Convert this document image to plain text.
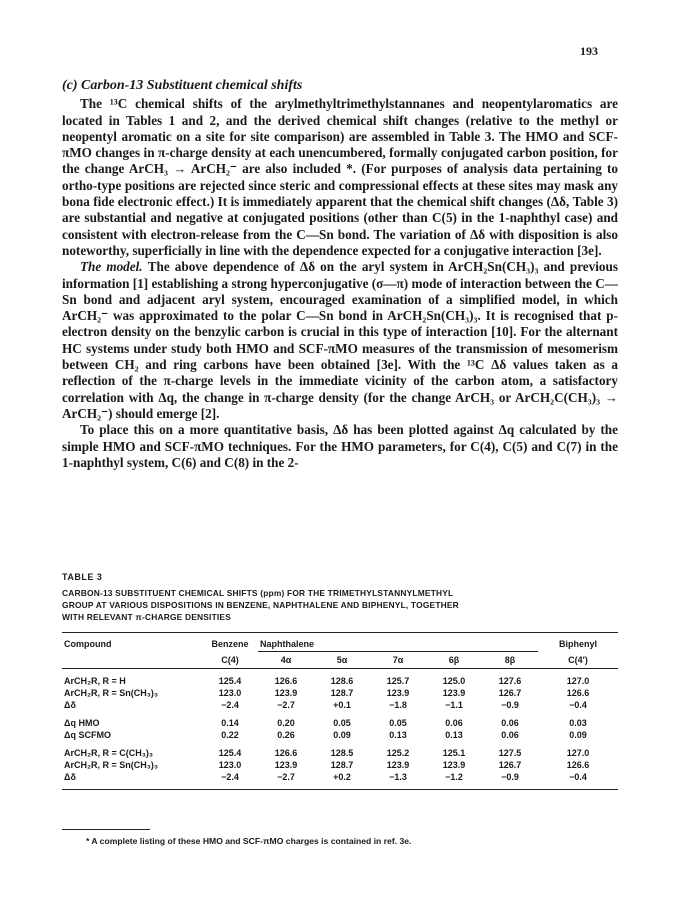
193
(c) Carbon-13 Substituent chemical shifts

The ¹³C chemical shifts of the arylmethyltrimethylstannanes and neopentylaromatics are located in Tables 1 and 2, and the derived chemical shift changes (relative to the methyl or neopentyl aromatic on a site for site comparison) are assembled in Table 3. The HMO and SCF-πMO changes in π-charge density at each unencumbered, formally conjugated carbon position, for the change ArCH₃ → ArCH₂⁻ are also included *. (For purposes of analysis data pertaining to ortho-type positions are rejected since steric and compressional effects at these sites may mask any bona fide electronic effect.) It is immediately apparent that the chemical shift changes (Δδ, Table 3) are substantial and negative at conjugated positions (other than C(5) in the 1-naphthyl case) and consistent with electron-release from the C—Sn bond. The variation of Δδ with disposition is also noteworthy, superficially in line with the dependence expected for a conjugative interaction [3e].

The model. The above dependence of Δδ on the aryl system in ArCH₂Sn(CH₃)₃ and previous information [1] establishing a strong hyperconjugative (σ—π) mode of interaction between the C—Sn bond and adjacent aryl system, encouraged examination of a simplified model, in which ArCH₂⁻ was approximated to the polar C—Sn bond in ArCH₂Sn(CH₃)₃. It is recognised that p-electron density on the benzylic carbon is crucial in this type of interaction [10]. For the alternant HC systems under study both HMO and SCF-πMO measures of the transmission of mesomerism between CH₂ and ring carbons have been obtained [3e]. With the ¹³C Δδ values taken as a reflection of the π-charge levels in the immediate vicinity of the carbon atom, a satisfactory correlation with Δq, the change in π-charge density (for the change ArCH₃ or ArCH₂C(CH₃)₃ → ArCH₂⁻) should emerge [2].

To place this on a more quantitative basis, Δδ has been plotted against Δq calculated by the simple HMO and SCF-πMO techniques. For the HMO parameters, for C(4), C(5) and C(7) in the 1-naphthyl system, C(6) and C(8) in the 2-

TABLE 3
CARBON-13 SUBSTITUENT CHEMICAL SHIFTS (ppm) FOR THE TRIMETHYLSTANNYLMETHYL
GROUP AT VARIOUS DISPOSITIONS IN BENZENE, NAPHTHALENE AND BIPHENYL, TOGETHER
WITH RELEVANT π-CHARGE DENSITIES
Compound	Benzene	Naphthalene					Biphenyl
	C(4)	4α	5α	7α	6β	8β	C(4′)

ArCH₂R, R = H	125.4	126.6	128.6	125.7	125.0	127.6	127.0
ArCH₂R, R = Sn(CH₃)₃	123.0	123.9	128.7	123.9	123.9	126.7	126.6
Δδ	−2.4	−2.7	+0.1	−1.8	−1.1	−0.9	−0.4

Δq HMO	0.14	0.20	0.05	0.05	0.06	0.06	0.03
Δq SCFMO	0.22	0.26	0.09	0.13	0.13	0.06	0.09

ArCH₂R, R = C(CH₃)₃	125.4	126.6	128.5	125.2	125.1	127.5	127.0
ArCH₂R, R = Sn(CH₃)₃	123.0	123.9	128.7	123.9	123.9	126.7	126.6
Δδ	−2.4	−2.7	+0.2	−1.3	−1.2	−0.9	−0.4

* A complete listing of these HMO and SCF-πMO charges is contained in ref. 3e.
